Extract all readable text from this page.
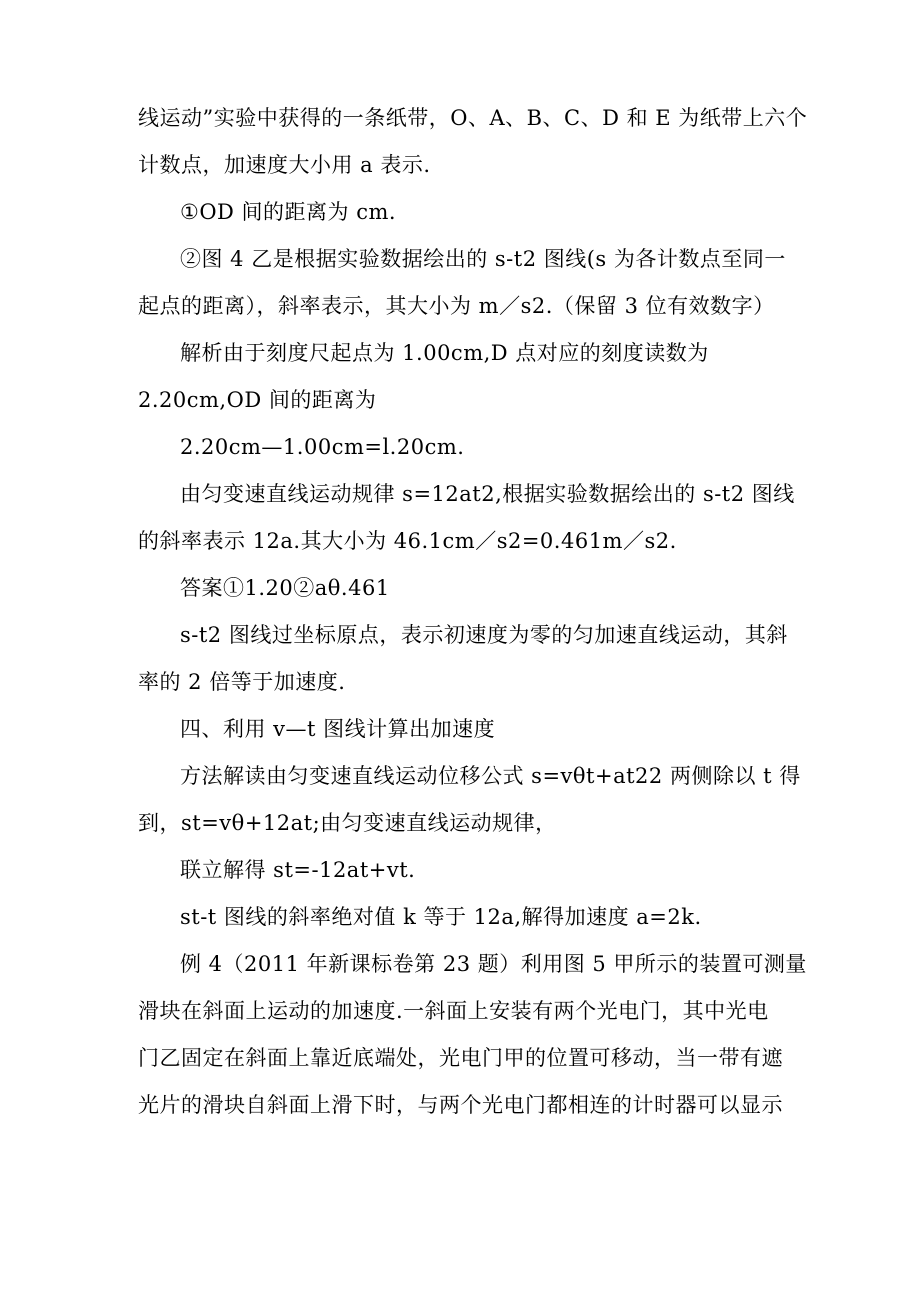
线运动”实验中获得的一条纸带，O、A、B、C、D 和 E 为纸带上六个
计数点，加速度大小用 a 表示.
①OD 间的距离为 cm.
②图 4 乙是根据实验数据绘出的 s-t2 图线(s 为各计数点至同一
起点的距离），斜率表示，其大小为 m／s2.（保留 3 位有效数字）
解析由于刻度尺起点为 1.00cm,D 点对应的刻度读数为
2.20cm,OD 间的距离为
2.20cm—1.00cm=l.20cm.
由匀变速直线运动规律 s=12at2,根据实验数据绘出的 s-t2 图线
的斜率表示 12a.其大小为 46.1cm／s2=0.461m／s2.
答案①1.20②aθ.461
s-t2 图线过坐标原点，表示初速度为零的匀加速直线运动，其斜
率的 2 倍等于加速度.
四、利用 v—t 图线计算出加速度
方法解读由匀变速直线运动位移公式 s=vθt+at22 两侧除以 t 得
到，st=vθ+12at;由匀变速直线运动规律，
联立解得 st=-12at+vt.
st-t 图线的斜率绝对值 k 等于 12a,解得加速度 a=2k.
例 4（2011 年新课标卷第 23 题）利用图 5 甲所示的装置可测量
滑块在斜面上运动的加速度.一斜面上安装有两个光电门，其中光电
门乙固定在斜面上靠近底端处，光电门甲的位置可移动，当一带有遮
光片的滑块自斜面上滑下时，与两个光电门都相连的计时器可以显示
